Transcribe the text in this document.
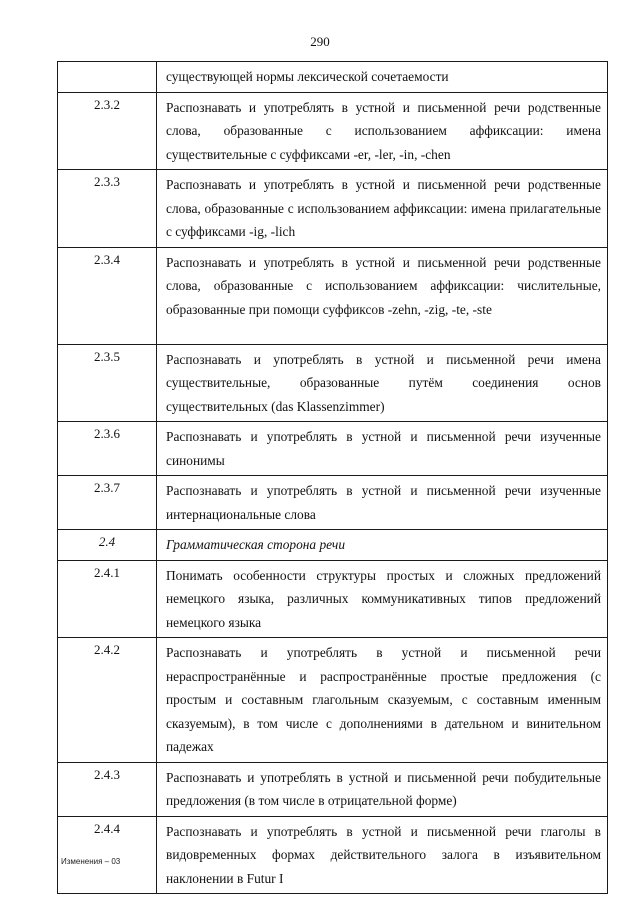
290
	существующей нормы лексической сочетаемости
2.3.2	Распознавать и употреблять в устной и письменной речи родственные слова, образованные с использованием аффиксации: имена существительные с суффиксами -er, -ler, -in, -chen
2.3.3	Распознавать и употреблять в устной и письменной речи родственные слова, образованные с использованием аффиксации: имена прилагательные с суффиксами -ig, -lich
2.3.4	Распознавать и употреблять в устной и письменной речи родственные слова, образованные с использованием аффиксации: числительные, образованные при помощи суффиксов -zehn, -zig, -te, -ste
2.3.5	Распознавать и употреблять в устной и письменной речи имена существительные, образованные путём соединения основ существительных (das Klassenzimmer)
2.3.6	Распознавать и употреблять в устной и письменной речи изученные синонимы
2.3.7	Распознавать и употреблять в устной и письменной речи изученные интернациональные слова
2.4	Грамматическая сторона речи
2.4.1	Понимать особенности структуры простых и сложных предложений немецкого языка, различных коммуникативных типов предложений немецкого языка
2.4.2	Распознавать и употреблять в устной и письменной речи нераспространённые и распространённые простые предложения (с простым и составным глагольным сказуемым, с составным именным сказуемым), в том числе с дополнениями в дательном и винительном падежах
2.4.3	Распознавать и употреблять в устной и письменной речи побудительные предложения (в том числе в отрицательной форме)
2.4.4	Распознавать и употреблять в устной и письменной речи глаголы в видовременных формах действительного залога в изъявительном наклонении в Futur I
Изменения – 03
